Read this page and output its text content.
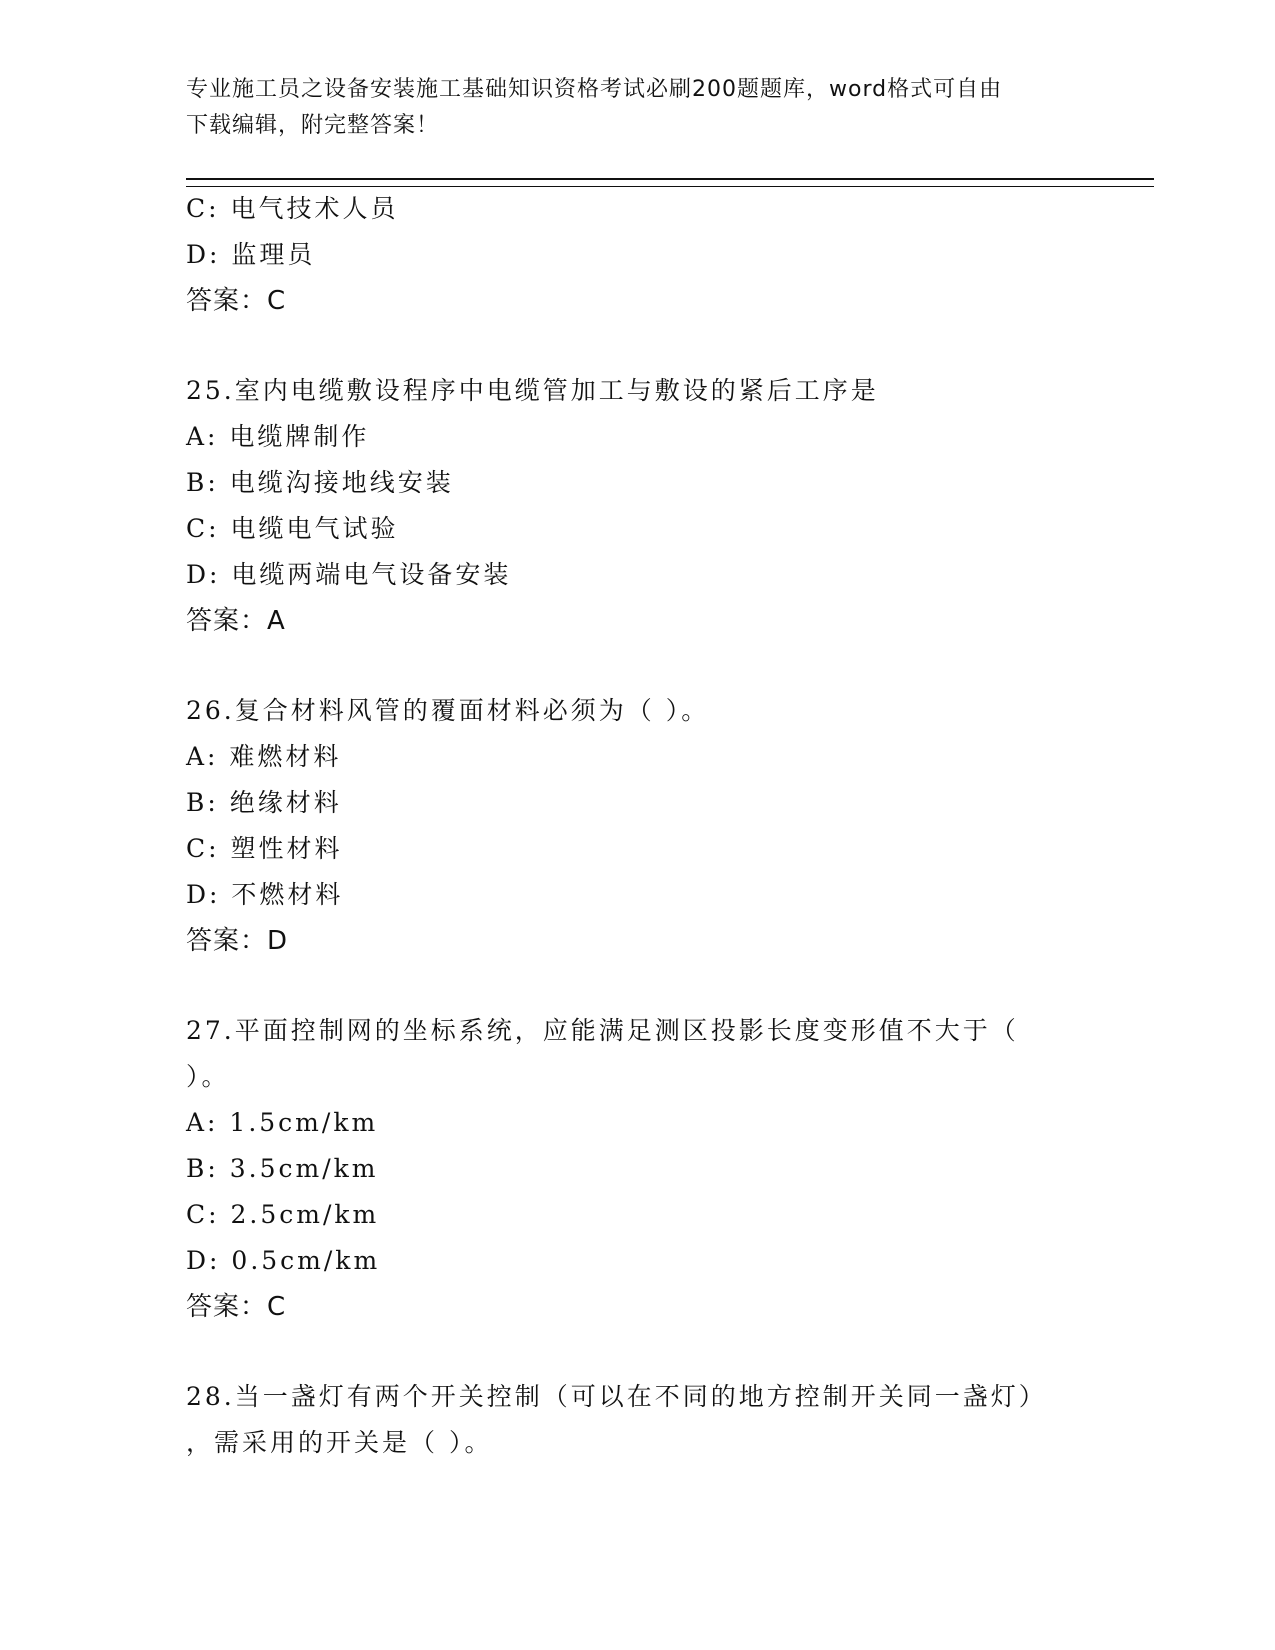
专业施工员之设备安装施工基础知识资格考试必刷200题题库，word格式可自由
下载编辑，附完整答案！
C: 电气技术人员
D: 监理员
答案：C
25.室内电缆敷设程序中电缆管加工与敷设的紧后工序是
A: 电缆牌制作
B: 电缆沟接地线安装
C: 电缆电气试验
D: 电缆两端电气设备安装
答案：A
26.复合材料风管的覆面材料必须为（ ）。
A: 难燃材料
B: 绝缘材料
C: 塑性材料
D: 不燃材料
答案：D
27.平面控制网的坐标系统，应能满足测区投影长度变形值不大于（
）。
A: 1.5cm/km
B: 3.5cm/km
C: 2.5cm/km
D: 0.5cm/km
答案：C
28.当一盏灯有两个开关控制（可以在不同的地方控制开关同一盏灯）
，需采用的开关是（ ）。
